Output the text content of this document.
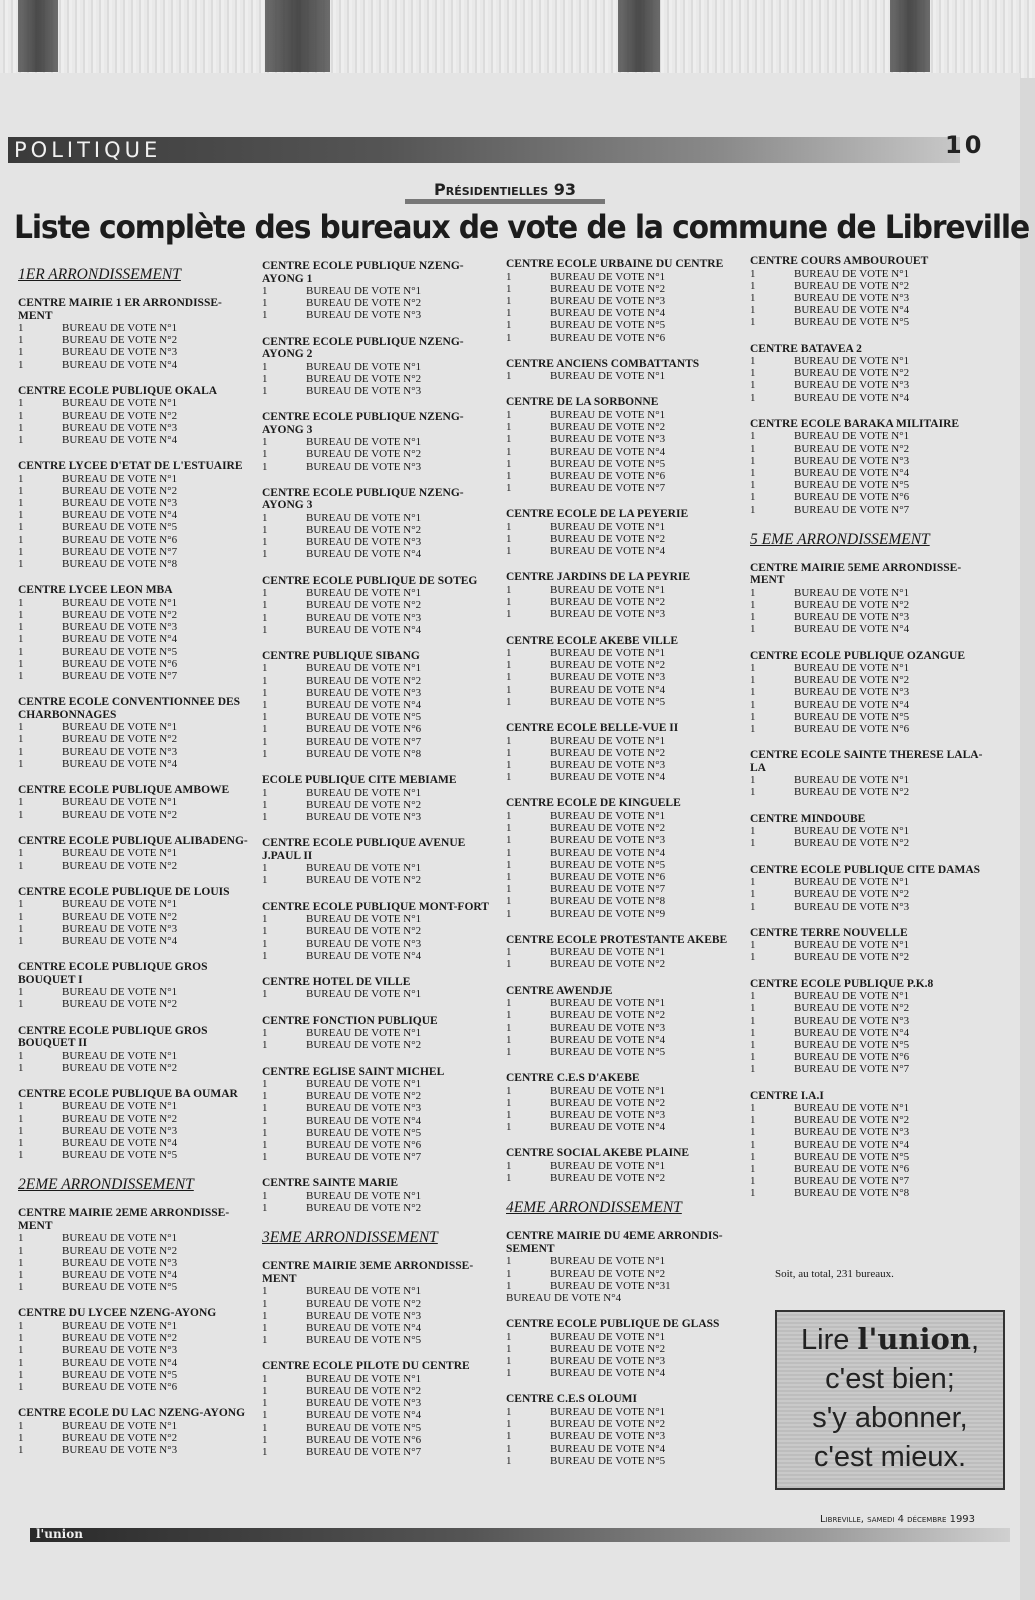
POLITIQUE	10
Présidentielles 93
Liste complète des bureaux de vote de la commune de Libreville
1ER ARRONDISSEMENT
CENTRE MAIRIE 1 ER ARRONDISSE- MENT
1	BUREAU DE VOTE N°1
1	BUREAU DE VOTE N°2
1	BUREAU DE VOTE N°3
1	BUREAU DE VOTE N°4
CENTRE ECOLE PUBLIQUE OKALA
1	BUREAU DE VOTE N°1
1	BUREAU DE VOTE N°2
1	BUREAU DE VOTE N°3
1	BUREAU DE VOTE N°4
CENTRE LYCEE D'ETAT DE L'ESTUAIRE
1	BUREAU DE VOTE N°1
1	BUREAU DE VOTE N°2
1	BUREAU DE VOTE N°3
1	BUREAU DE VOTE N°4
1	BUREAU DE VOTE N°5
1	BUREAU DE VOTE N°6
1	BUREAU DE VOTE N°7
1	BUREAU DE VOTE N°8
CENTRE LYCEE LEON MBA
1	BUREAU DE VOTE N°1
1	BUREAU DE VOTE N°2
1	BUREAU DE VOTE N°3
1	BUREAU DE VOTE N°4
1	BUREAU DE VOTE N°5
1	BUREAU DE VOTE N°6
1	BUREAU DE VOTE N°7
CENTRE ECOLE CONVENTIONNEE DES CHARBONNAGES
1	BUREAU DE VOTE N°1
1	BUREAU DE VOTE N°2
1	BUREAU DE VOTE N°3
1	BUREAU DE VOTE N°4
CENTRE ECOLE PUBLIQUE AMBOWE
1	BUREAU DE VOTE N°1
1	BUREAU DE VOTE N°2
CENTRE ECOLE PUBLIQUE ALIBADENG-
1	BUREAU DE VOTE N°1
1	BUREAU DE VOTE N°2
CENTRE ECOLE PUBLIQUE DE LOUIS
1	BUREAU DE VOTE N°1
1	BUREAU DE VOTE N°2
1	BUREAU DE VOTE N°3
1	BUREAU DE VOTE N°4
CENTRE ECOLE PUBLIQUE GROS BOUQUET I
1	BUREAU DE VOTE N°1
1	BUREAU DE VOTE N°2
CENTRE ECOLE PUBLIQUE GROS BOUQUET II
1	BUREAU DE VOTE N°1
1	BUREAU DE VOTE N°2
CENTRE ECOLE PUBLIQUE BA OUMAR
1	BUREAU DE VOTE N°1
1	BUREAU DE VOTE N°2
1	BUREAU DE VOTE N°3
1	BUREAU DE VOTE N°4
1	BUREAU DE VOTE N°5
2EME ARRONDISSEMENT
CENTRE MAIRIE 2EME ARRONDISSE- MENT
1	BUREAU DE VOTE N°1
1	BUREAU DE VOTE N°2
1	BUREAU DE VOTE N°3
1	BUREAU DE VOTE N°4
1	BUREAU DE VOTE N°5
CENTRE DU LYCEE NZENG-AYONG
1	BUREAU DE VOTE N°1
1	BUREAU DE VOTE N°2
1	BUREAU DE VOTE N°3
1	BUREAU DE VOTE N°4
1	BUREAU DE VOTE N°5
1	BUREAU DE VOTE N°6
CENTRE ECOLE DU LAC NZENG-AYONG
1	BUREAU DE VOTE N°1
1	BUREAU DE VOTE N°2
1	BUREAU DE VOTE N°3
CENTRE ECOLE PUBLIQUE NZENG- AYONG 1
1	BUREAU DE VOTE N°1
1	BUREAU DE VOTE N°2
1	BUREAU DE VOTE N°3
CENTRE ECOLE PUBLIQUE NZENG- AYONG 2
1	BUREAU DE VOTE N°1
1	BUREAU DE VOTE N°2
1	BUREAU DE VOTE N°3
CENTRE ECOLE PUBLIQUE NZENG- AYONG 3
1	BUREAU DE VOTE N°1
1	BUREAU DE VOTE N°2
1	BUREAU DE VOTE N°3
CENTRE ECOLE PUBLIQUE NZENG- AYONG 3
1	BUREAU DE VOTE N°1
1	BUREAU DE VOTE N°2
1	BUREAU DE VOTE N°3
1	BUREAU DE VOTE N°4
CENTRE ECOLE PUBLIQUE DE SOTEG
1	BUREAU DE VOTE N°1
1	BUREAU DE VOTE N°2
1	BUREAU DE VOTE N°3
1	BUREAU DE VOTE N°4
CENTRE PUBLIQUE SIBANG
1	BUREAU DE VOTE N°1
1	BUREAU DE VOTE N°2
1	BUREAU DE VOTE N°3
1	BUREAU DE VOTE N°4
1	BUREAU DE VOTE N°5
1	BUREAU DE VOTE N°6
1	BUREAU DE VOTE N°7
1	BUREAU DE VOTE N°8
ECOLE PUBLIQUE CITE MEBIAME
1	BUREAU DE VOTE N°1
1	BUREAU DE VOTE N°2
1	BUREAU DE VOTE N°3
CENTRE ECOLE PUBLIQUE AVENUE J.PAUL II
1	BUREAU DE VOTE N°1
1	BUREAU DE VOTE N°2
CENTRE ECOLE PUBLIQUE MONT-FORT
1	BUREAU DE VOTE N°1
1	BUREAU DE VOTE N°2
1	BUREAU DE VOTE N°3
1	BUREAU DE VOTE N°4
CENTRE HOTEL DE VILLE
1	BUREAU DE VOTE N°1
CENTRE FONCTION PUBLIQUE
1	BUREAU DE VOTE N°1
1	BUREAU DE VOTE N°2
CENTRE EGLISE SAINT MICHEL
1	BUREAU DE VOTE N°1
1	BUREAU DE VOTE N°2
1	BUREAU DE VOTE N°3
1	BUREAU DE VOTE N°4
1	BUREAU DE VOTE N°5
1	BUREAU DE VOTE N°6
1	BUREAU DE VOTE N°7
CENTRE SAINTE MARIE
1	BUREAU DE VOTE N°1
1	BUREAU DE VOTE N°2
3EME ARRONDISSEMENT
CENTRE MAIRIE 3EME ARRONDISSE- MENT
1	BUREAU DE VOTE N°1
1	BUREAU DE VOTE N°2
1	BUREAU DE VOTE N°3
1	BUREAU DE VOTE N°4
1	BUREAU DE VOTE N°5
CENTRE ECOLE PILOTE DU CENTRE
1	BUREAU DE VOTE N°1
1	BUREAU DE VOTE N°2
1	BUREAU DE VOTE N°3
1	BUREAU DE VOTE N°4
1	BUREAU DE VOTE N°5
1	BUREAU DE VOTE N°6
1	BUREAU DE VOTE N°7
CENTRE ECOLE URBAINE DU CENTRE
1	BUREAU DE VOTE N°1
1	BUREAU DE VOTE N°2
1	BUREAU DE VOTE N°3
1	BUREAU DE VOTE N°4
1	BUREAU DE VOTE N°5
1	BUREAU DE VOTE N°6
CENTRE ANCIENS COMBATTANTS
1	BUREAU DE VOTE N°1
CENTRE DE LA SORBONNE
1	BUREAU DE VOTE N°1
1	BUREAU DE VOTE N°2
1	BUREAU DE VOTE N°3
1	BUREAU DE VOTE N°4
1	BUREAU DE VOTE N°5
1	BUREAU DE VOTE N°6
1	BUREAU DE VOTE N°7
CENTRE ECOLE DE LA PEYERIE
1	BUREAU DE VOTE N°1
1	BUREAU DE VOTE N°2
1	BUREAU DE VOTE N°4
CENTRE JARDINS DE LA PEYRIE
1	BUREAU DE VOTE N°1
1	BUREAU DE VOTE N°2
1	BUREAU DE VOTE N°3
CENTRE ECOLE AKEBE VILLE
1	BUREAU DE VOTE N°1
1	BUREAU DE VOTE N°2
1	BUREAU DE VOTE N°3
1	BUREAU DE VOTE N°4
1	BUREAU DE VOTE N°5
CENTRE ECOLE BELLE-VUE II
1	BUREAU DE VOTE N°1
1	BUREAU DE VOTE N°2
1	BUREAU DE VOTE N°3
1	BUREAU DE VOTE N°4
CENTRE ECOLE DE KINGUELE
1	BUREAU DE VOTE N°1
1	BUREAU DE VOTE N°2
1	BUREAU DE VOTE N°3
1	BUREAU DE VOTE N°4
1	BUREAU DE VOTE N°5
1	BUREAU DE VOTE N°6
1	BUREAU DE VOTE N°7
1	BUREAU DE VOTE N°8
1	BUREAU DE VOTE N°9
CENTRE ECOLE PROTESTANTE AKEBE
1	BUREAU DE VOTE N°1
1	BUREAU DE VOTE N°2
CENTRE AWENDJE
1	BUREAU DE VOTE N°1
1	BUREAU DE VOTE N°2
1	BUREAU DE VOTE N°3
1	BUREAU DE VOTE N°4
1	BUREAU DE VOTE N°5
CENTRE C.E.S D'AKEBE
1	BUREAU DE VOTE N°1
1	BUREAU DE VOTE N°2
1	BUREAU DE VOTE N°3
1	BUREAU DE VOTE N°4
CENTRE SOCIAL AKEBE PLAINE
1	BUREAU DE VOTE N°1
1	BUREAU DE VOTE N°2
4EME ARRONDISSEMENT
CENTRE MAIRIE DU 4EME ARRONDIS- SEMENT
1	BUREAU DE VOTE N°1
1	BUREAU DE VOTE N°2
1	BUREAU DE VOTE N°31
BUREAU DE VOTE N°4
CENTRE ECOLE PUBLIQUE DE GLASS
1	BUREAU DE VOTE N°1
1	BUREAU DE VOTE N°2
1	BUREAU DE VOTE N°3
1	BUREAU DE VOTE N°4
CENTRE C.E.S OLOUMI
1	BUREAU DE VOTE N°1
1	BUREAU DE VOTE N°2
1	BUREAU DE VOTE N°3
1	BUREAU DE VOTE N°4
1	BUREAU DE VOTE N°5
CENTRE COURS AMBOUROUET
1	BUREAU DE VOTE N°1
1	BUREAU DE VOTE N°2
1	BUREAU DE VOTE N°3
1	BUREAU DE VOTE N°4
1	BUREAU DE VOTE N°5
CENTRE BATAVEA 2
1	BUREAU DE VOTE N°1
1	BUREAU DE VOTE N°2
1	BUREAU DE VOTE N°3
1	BUREAU DE VOTE N°4
CENTRE ECOLE BARAKA MILITAIRE
1	BUREAU DE VOTE N°1
1	BUREAU DE VOTE N°2
1	BUREAU DE VOTE N°3
1	BUREAU DE VOTE N°4
1	BUREAU DE VOTE N°5
1	BUREAU DE VOTE N°6
1	BUREAU DE VOTE N°7
5 EME ARRONDISSEMENT
CENTRE MAIRIE 5EME ARRONDISSE- MENT
1	BUREAU DE VOTE N°1
1	BUREAU DE VOTE N°2
1	BUREAU DE VOTE N°3
1	BUREAU DE VOTE N°4
CENTRE ECOLE PUBLIQUE OZANGUE
1	BUREAU DE VOTE N°1
1	BUREAU DE VOTE N°2
1	BUREAU DE VOTE N°3
1	BUREAU DE VOTE N°4
1	BUREAU DE VOTE N°5
1	BUREAU DE VOTE N°6
CENTRE ECOLE SAINTE THERESE LALA- LA
1	BUREAU DE VOTE N°1
1	BUREAU DE VOTE N°2
CENTRE MINDOUBE
1	BUREAU DE VOTE N°1
1	BUREAU DE VOTE N°2
CENTRE ECOLE PUBLIQUE CITE DAMAS
1	BUREAU DE VOTE N°1
1	BUREAU DE VOTE N°2
1	BUREAU DE VOTE N°3
CENTRE TERRE NOUVELLE
1	BUREAU DE VOTE N°1
1	BUREAU DE VOTE N°2
CENTRE ECOLE PUBLIQUE P.K.8
1	BUREAU DE VOTE N°1
1	BUREAU DE VOTE N°2
1	BUREAU DE VOTE N°3
1	BUREAU DE VOTE N°4
1	BUREAU DE VOTE N°5
1	BUREAU DE VOTE N°6
1	BUREAU DE VOTE N°7
CENTRE I.A.I
1	BUREAU DE VOTE N°1
1	BUREAU DE VOTE N°2
1	BUREAU DE VOTE N°3
1	BUREAU DE VOTE N°4
1	BUREAU DE VOTE N°5
1	BUREAU DE VOTE N°6
1	BUREAU DE VOTE N°7
1	BUREAU DE VOTE N°8
Soit, au total, 231 bureaux.
Lire l'union,
c'est bien;
s'y abonner,
c'est mieux.
l'union
Libreville, samedi 4 décembre 1993
